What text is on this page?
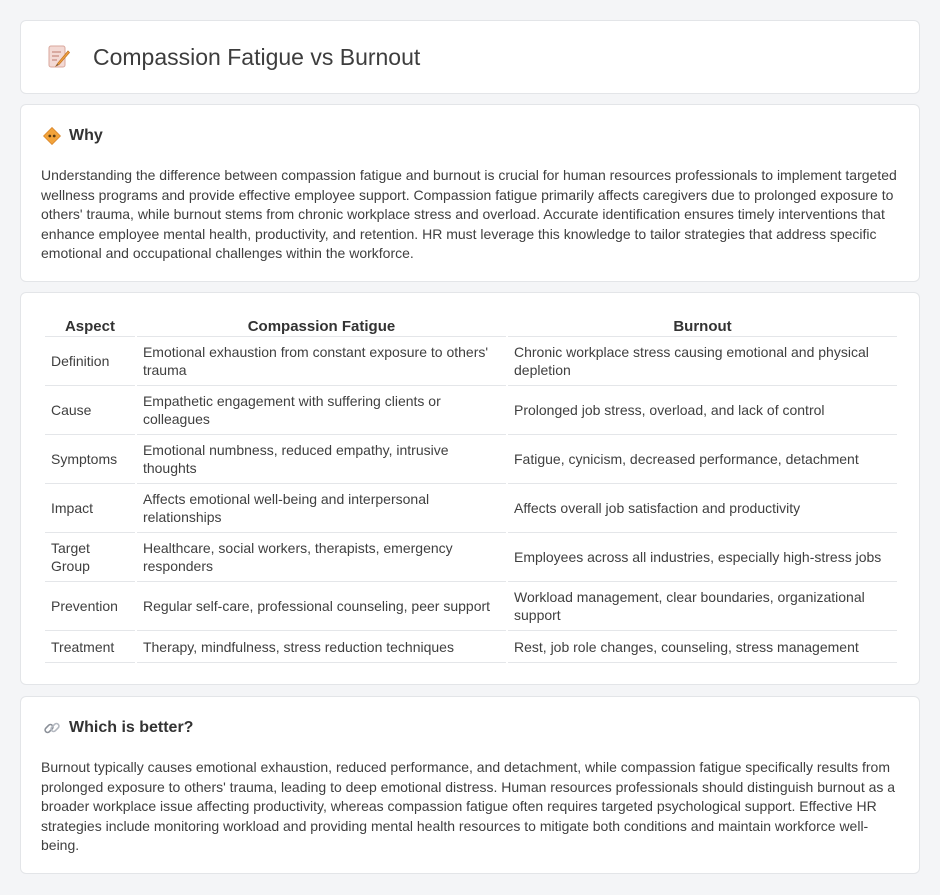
Compassion Fatigue vs Burnout
Why

Understanding the difference between compassion fatigue and burnout is crucial for human resources professionals to implement targeted wellness programs and provide effective employee support. Compassion fatigue primarily affects caregivers due to prolonged exposure to others' trauma, while burnout stems from chronic workplace stress and overload. Accurate identification ensures timely interventions that enhance employee mental health, productivity, and retention. HR must leverage this knowledge to tailor strategies that address specific emotional and occupational challenges within the workforce.

Aspect	Compassion Fatigue	Burnout
Definition	Emotional exhaustion from constant exposure to others' trauma	Chronic workplace stress causing emotional and physical depletion
Cause	Empathetic engagement with suffering clients or colleagues	Prolonged job stress, overload, and lack of control
Symptoms	Emotional numbness, reduced empathy, intrusive thoughts	Fatigue, cynicism, decreased performance, detachment
Impact	Affects emotional well-being and interpersonal relationships	Affects overall job satisfaction and productivity
Target Group	Healthcare, social workers, therapists, emergency responders	Employees across all industries, especially high-stress jobs
Prevention	Regular self-care, professional counseling, peer support	Workload management, clear boundaries, organizational support
Treatment	Therapy, mindfulness, stress reduction techniques	Rest, job role changes, counseling, stress management
Which is better?

Burnout typically causes emotional exhaustion, reduced performance, and detachment, while compassion fatigue specifically results from prolonged exposure to others' trauma, leading to deep emotional distress. Human resources professionals should distinguish burnout as a broader workplace issue affecting productivity, whereas compassion fatigue often requires targeted psychological support. Effective HR strategies include monitoring workload and providing mental health resources to mitigate both conditions and maintain workforce well-being.
